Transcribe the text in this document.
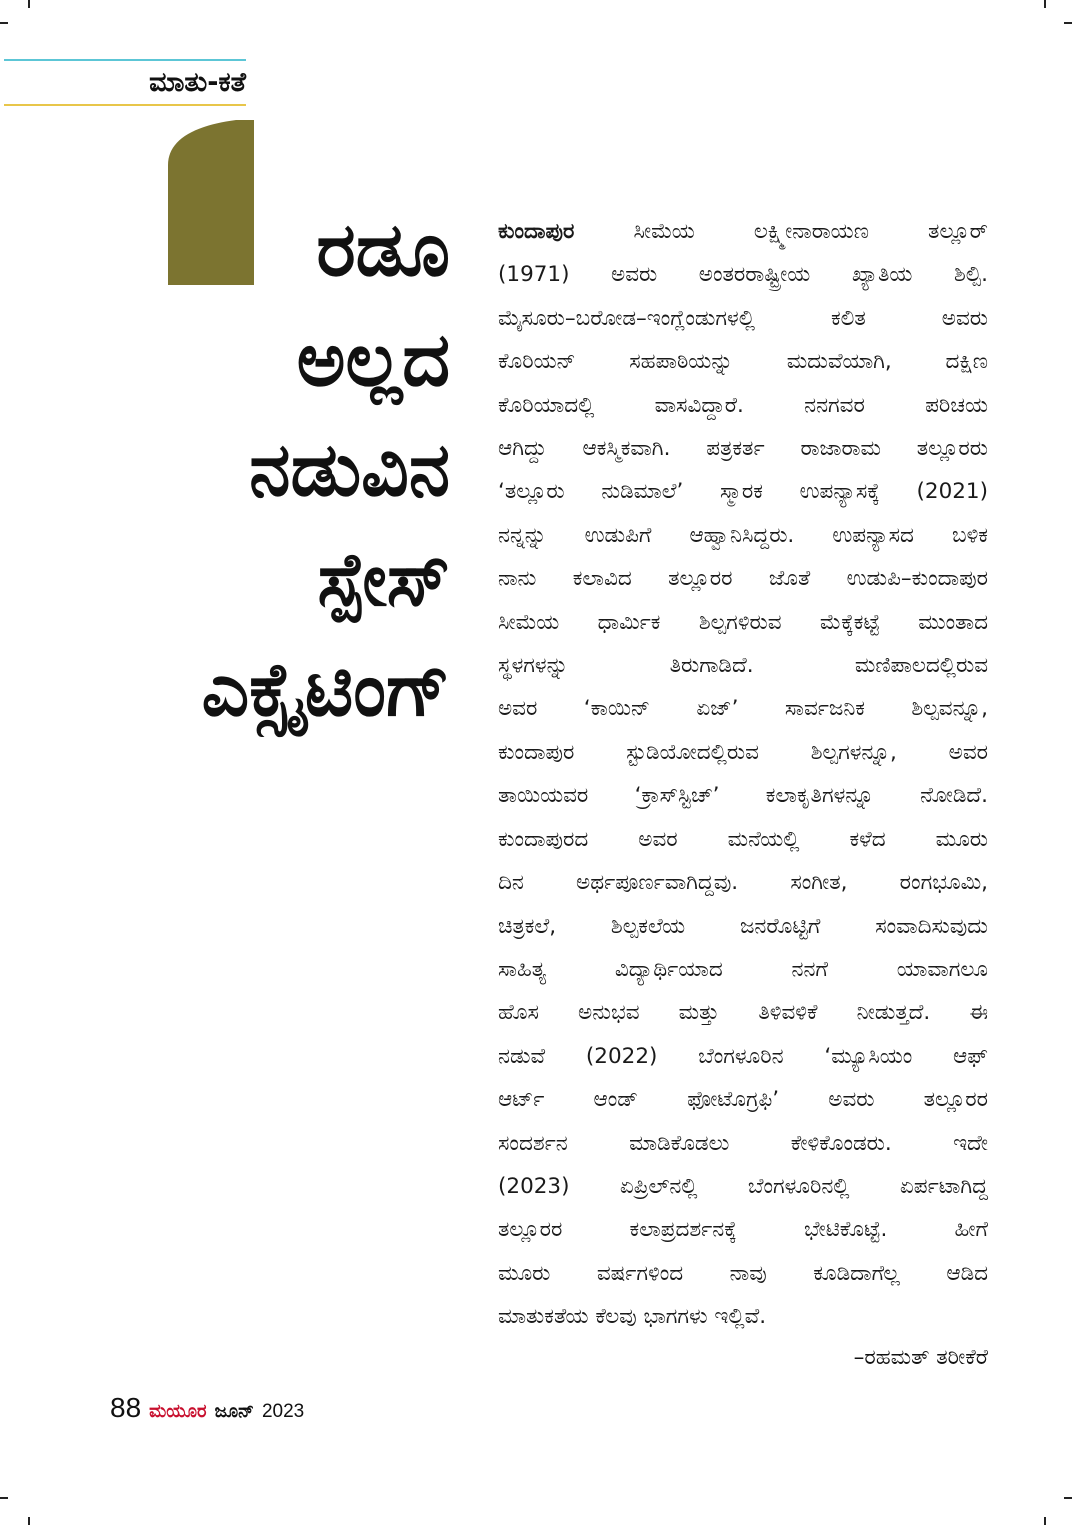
ಮಾತು-ಕತೆ
ಎರಡೂ
ಅಲ್ಲದ
ನಡುವಿನ
ಸ್ಪೇಸ್
ಎಕ್ಸೈಟಿಂಗ್
ಕುಂದಾಪುರ ಸೀಮೆಯ ಲಕ್ಷ್ಮೀನಾರಾಯಣ ತಲ್ಲೂರ್
(1971) ಅವರು ಅಂತರರಾಷ್ಟ್ರೀಯ ಖ್ಯಾತಿಯ ಶಿಲ್ಪಿ.
ಮೈಸೂರು–ಬರೋಡ–ಇಂಗ್ಲೆಂಡುಗಳಲ್ಲಿ ಕಲಿತ ಅವರು
ಕೊರಿಯನ್ ಸಹಪಾಠಿಯನ್ನು ಮದುವೆಯಾಗಿ, ದಕ್ಷಿಣ
ಕೊರಿಯಾದಲ್ಲಿ ವಾಸವಿದ್ದಾರೆ. ನನಗವರ ಪರಿಚಯ
ಆಗಿದ್ದು ಆಕಸ್ಮಿಕವಾಗಿ. ಪತ್ರಕರ್ತ ರಾಜಾರಾಮ ತಲ್ಲೂರರು
‘ತಲ್ಲೂರು ನುಡಿಮಾಲೆ’ ಸ್ಮಾರಕ ಉಪನ್ಯಾಸಕ್ಕೆ (2021)
ನನ್ನನ್ನು ಉಡುಪಿಗೆ ಆಹ್ವಾನಿಸಿದ್ದರು. ಉಪನ್ಯಾಸದ ಬಳಿಕ
ನಾನು ಕಲಾವಿದ ತಲ್ಲೂರರ ಜೊತೆ ಉಡುಪಿ–ಕುಂದಾಪುರ
ಸೀಮೆಯ ಧಾರ್ಮಿಕ ಶಿಲ್ಪಗಳಿರುವ ಮೆಕ್ಕೆಕಟ್ಟೆ ಮುಂತಾದ
ಸ್ಥಳಗಳನ್ನು ತಿರುಗಾಡಿದೆ. ಮಣಿಪಾಲದಲ್ಲಿರುವ
ಅವರ ‘ಕಾಯಿನ್ ಏಜ್’ ಸಾರ್ವಜನಿಕ ಶಿಲ್ಪವನ್ನೂ,
ಕುಂದಾಪುರ ಸ್ಟುಡಿಯೋದಲ್ಲಿರುವ ಶಿಲ್ಪಗಳನ್ನೂ, ಅವರ
ತಾಯಿಯವರ ‘ಕ್ರಾಸ್‌ಸ್ಟಿಚ್’ ಕಲಾಕೃತಿಗಳನ್ನೂ ನೋಡಿದೆ.
ಕುಂದಾಪುರದ ಅವರ ಮನೆಯಲ್ಲಿ ಕಳೆದ ಮೂರು
ದಿನ ಅರ್ಥಪೂರ್ಣವಾಗಿದ್ದವು. ಸಂಗೀತ, ರಂಗಭೂಮಿ,
ಚಿತ್ರಕಲೆ, ಶಿಲ್ಪಕಲೆಯ ಜನರೊಟ್ಟಿಗೆ ಸಂವಾದಿಸುವುದು
ಸಾಹಿತ್ಯ ವಿದ್ಯಾರ್ಥಿಯಾದ ನನಗೆ ಯಾವಾಗಲೂ
ಹೊಸ ಅನುಭವ ಮತ್ತು ತಿಳಿವಳಿಕೆ ನೀಡುತ್ತದೆ. ಈ
ನಡುವೆ (2022) ಬೆಂಗಳೂರಿನ ‘ಮ್ಯೂಸಿಯಂ ಆಫ್
ಆರ್ಟ್ ಆಂಡ್ ಫೋಟೊಗ್ರಫಿ’ ಅವರು ತಲ್ಲೂರರ
ಸಂದರ್ಶನ ಮಾಡಿಕೊಡಲು ಕೇಳಿಕೊಂಡರು. ಇದೇ
(2023) ಏಪ್ರಿಲ್‌ನಲ್ಲಿ ಬೆಂಗಳೂರಿನಲ್ಲಿ ಏರ್ಪಟಾಗಿದ್ದ
ತಲ್ಲೂರರ ಕಲಾಪ್ರದರ್ಶನಕ್ಕೆ ಭೇಟಿಕೊಟ್ಟೆ. ಹೀಗೆ
ಮೂರು ವರ್ಷಗಳಿಂದ ನಾವು ಕೂಡಿದಾಗೆಲ್ಲ ಆಡಿದ
ಮಾತುಕತೆಯ ಕೆಲವು ಭಾಗಗಳು ಇಲ್ಲಿವೆ.
–ರಹಮತ್ ತರೀಕೆರೆ
88 ಮಯೂರ ಜೂನ್ 2023
